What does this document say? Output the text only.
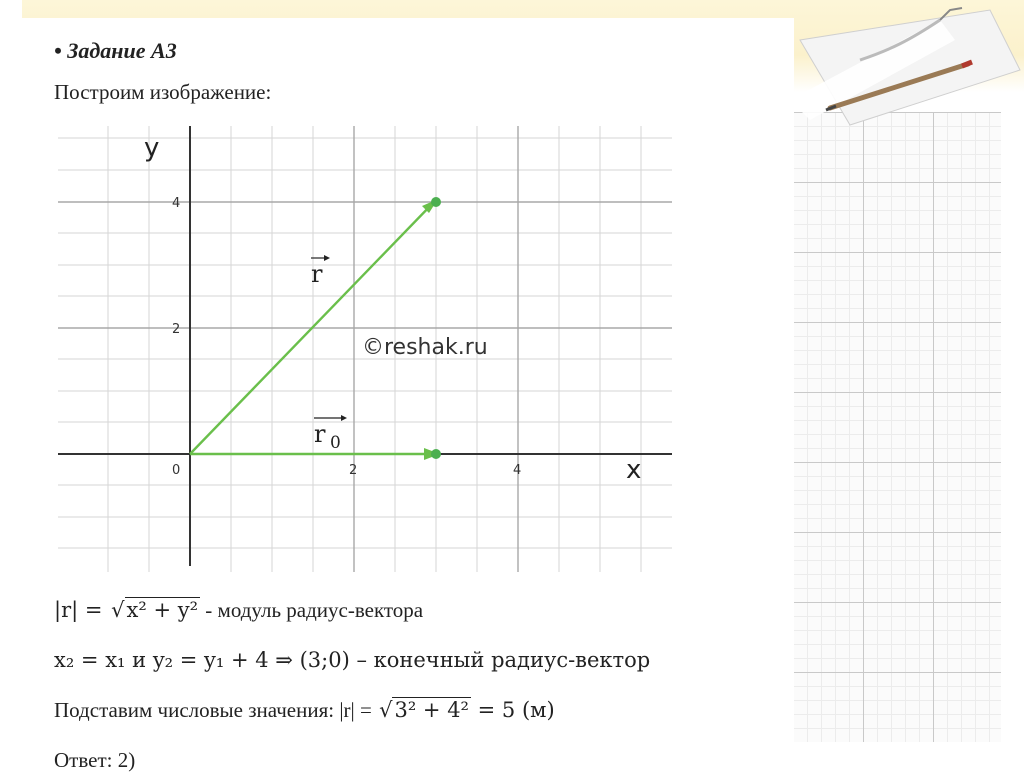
• Задание А3

Построим изображение:

y
x
0	2	4
2
4
r
r 0
©reshak.ru
|r| = √x² + y² - модуль радиус-вектора
x₂ = x₁ и y₂ = y₁ + 4 ⇒ (3;0) – конечный радиус-вектор
Подставим числовые значения: |r| = √3² + 4² = 5 (м)
Ответ: 2)
